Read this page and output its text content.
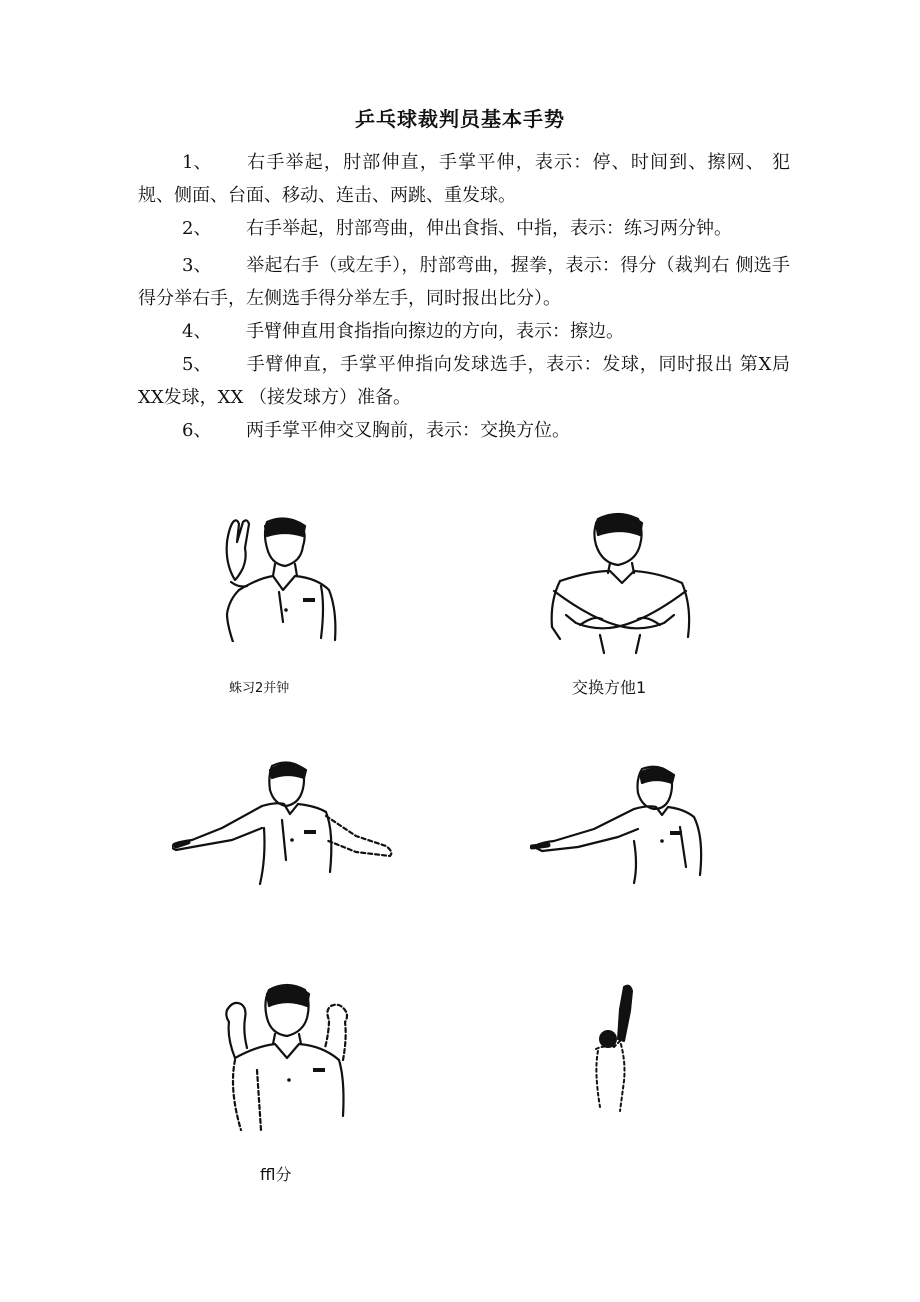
乒乓球裁判员基本手势
1、 右手举起，肘部伸直，手掌平伸，表示：停、时间到、擦网、 犯规、侧面、台面、移动、连击、两跳、重发球。
2、 右手举起，肘部弯曲，伸出食指、中指，表示：练习两分钟。
3、 举起右手（或左手），肘部弯曲，握拳，表示：得分（裁判右 侧选手得分举右手，左侧选手得分举左手，同时报出比分）。
4、 手臂伸直用食指指向擦边的方向，表示：擦边。
5、 手臂伸直，手掌平伸指向发球选手，表示：发球，同时报出 第X局XX发球，XX （接发球方）准备。
6、 两手掌平伸交叉胸前，表示：交换方位。
蛛习2并钟	交换方他1
ffl分
